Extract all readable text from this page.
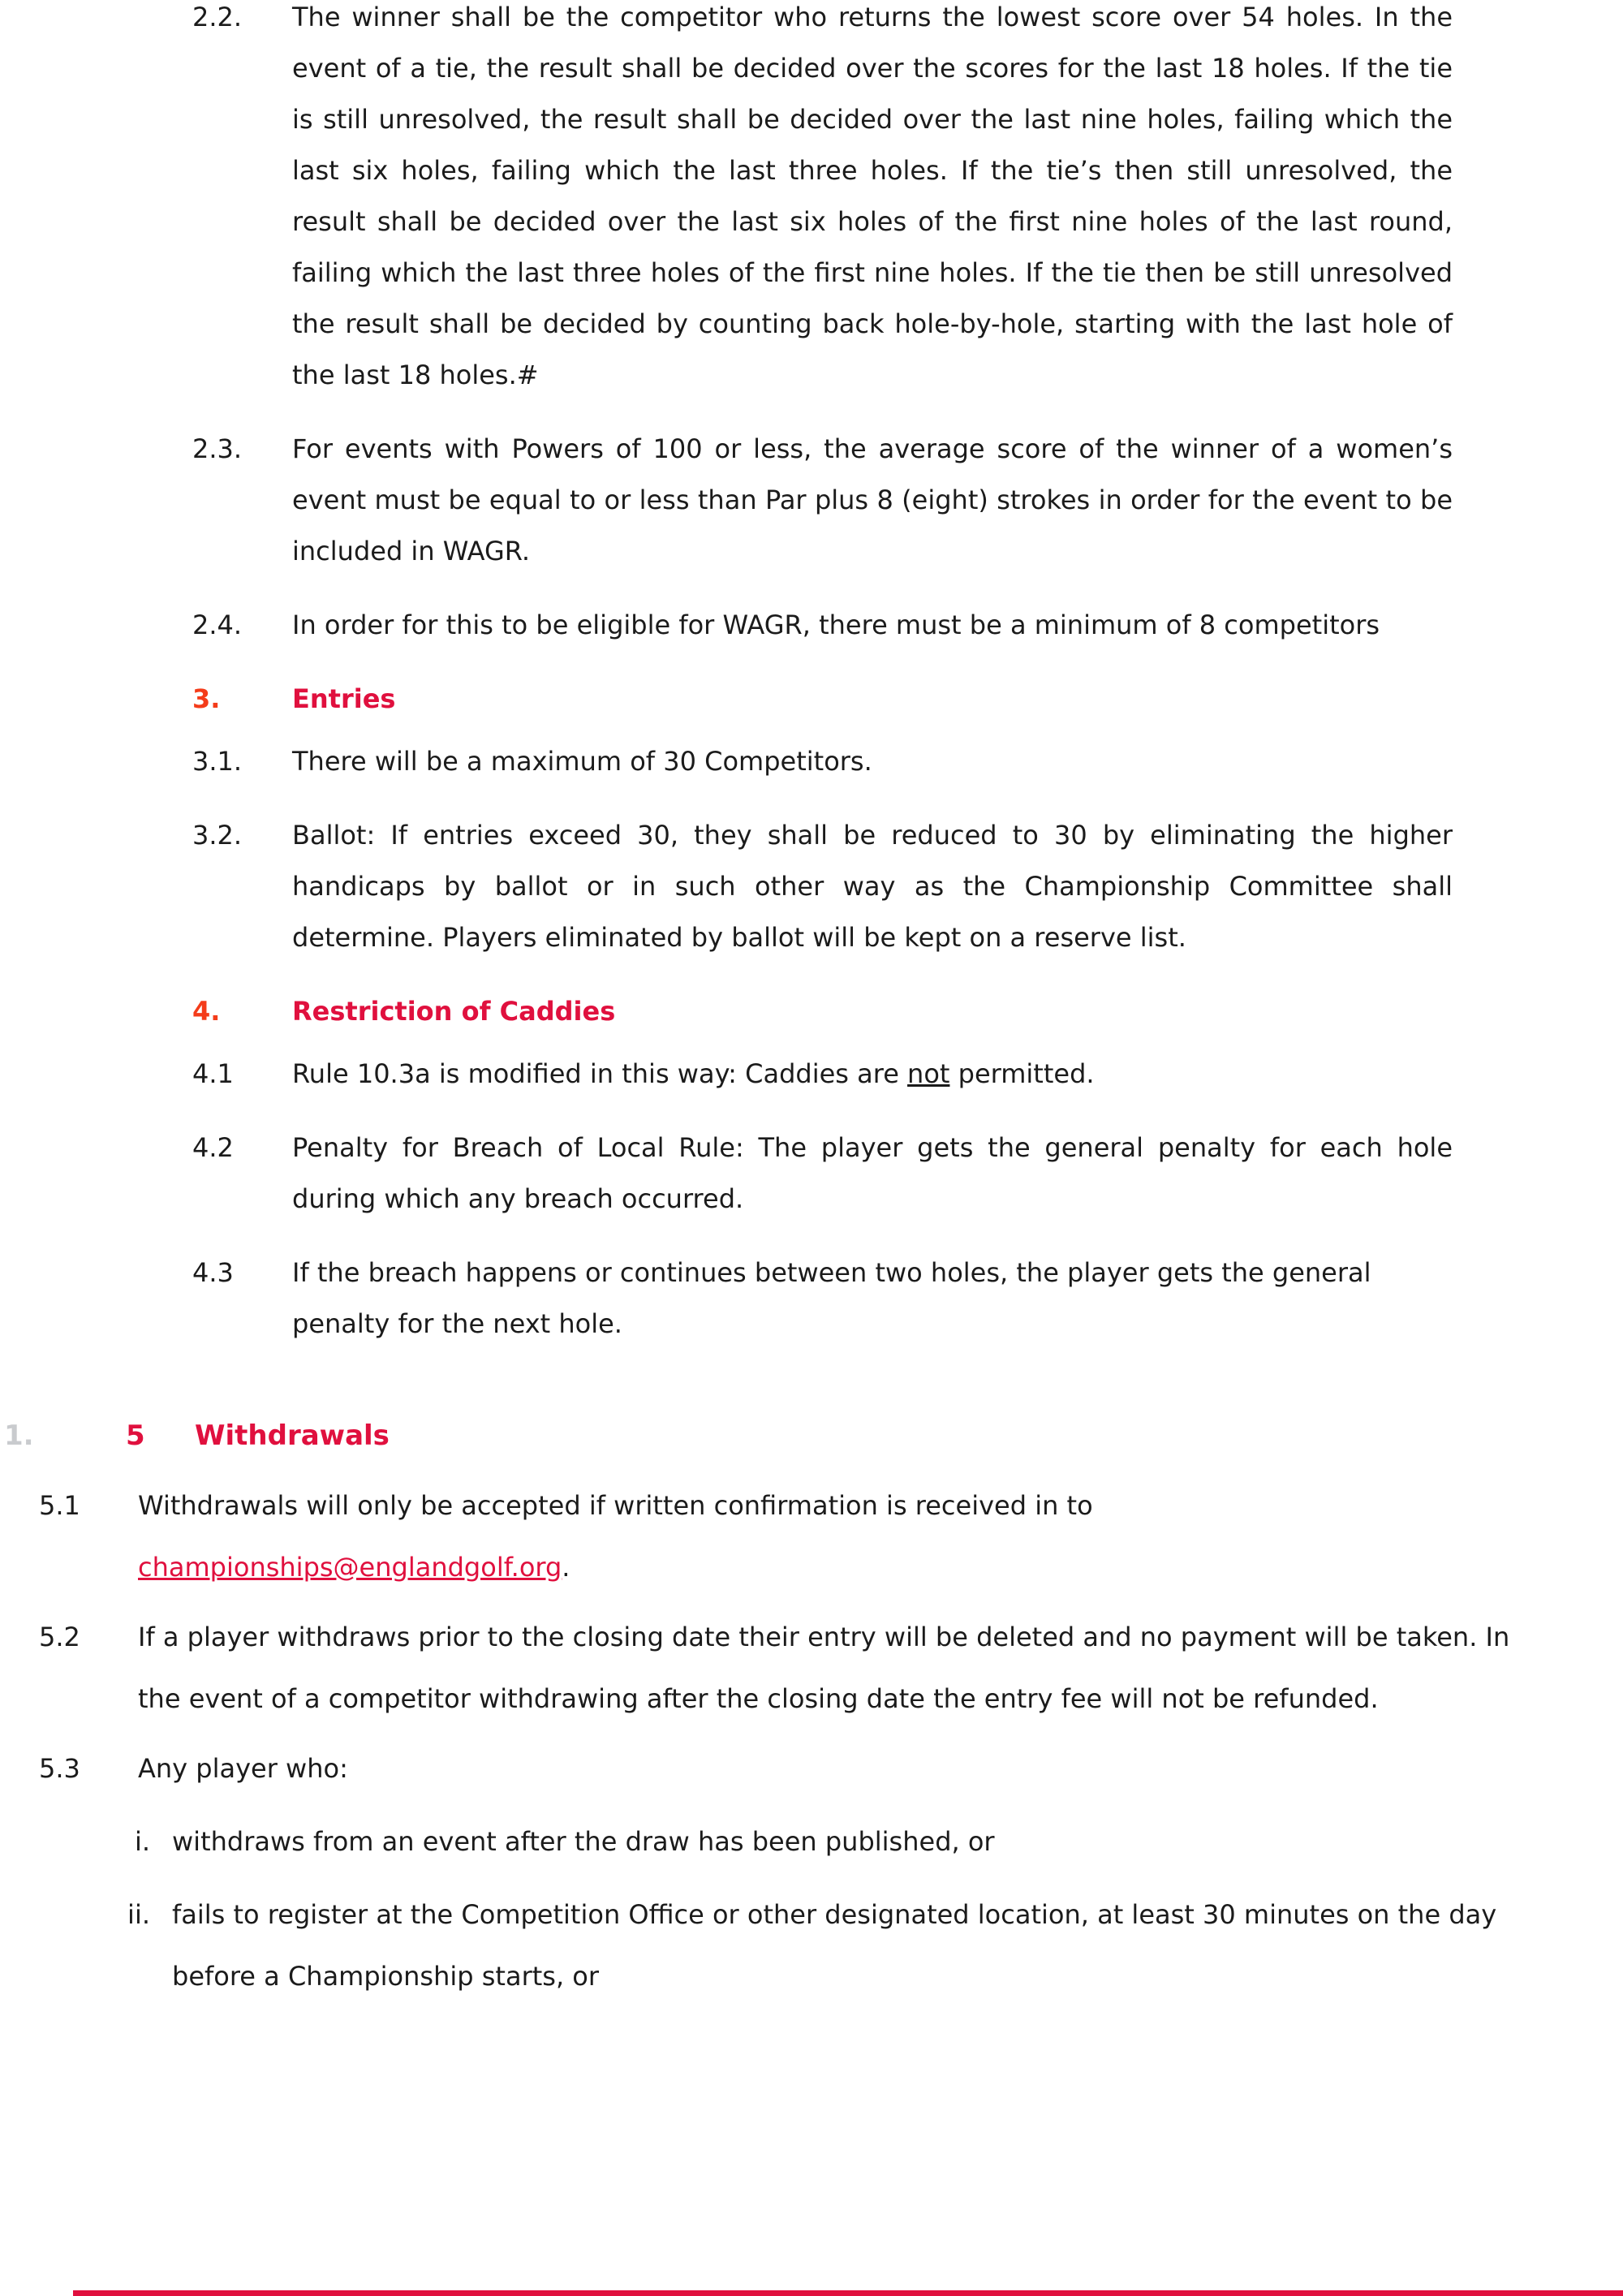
2.2.	The winner shall be the competitor who returns the lowest score over 54 holes. In the event of a tie, the result shall be decided over the scores for the last 18 holes. If the tie is still unresolved, the result shall be decided over the last nine holes, failing which the last six holes, failing which the last three holes. If the tie’s then still unresolved, the result shall be decided over the last six holes of the first nine holes of the last round, failing which the last three holes of the first nine holes. If the tie then be still unresolved the result shall be decided by counting back hole-by-hole, starting with the last hole of the last 18 holes.#
2.3.	For events with Powers of 100 or less, the average score of the winner of a women’s event must be equal to or less than Par plus 8 (eight) strokes in order for the event to be included in WAGR.
2.4.	In order for this to be eligible for WAGR, there must be a minimum of 8 competitors
3.	Entries
3.1.	There will be a maximum of 30 Competitors.
3.2.	Ballot: If entries exceed 30, they shall be reduced to 30 by eliminating the higher handicaps by ballot or in such other way as the Championship Committee shall determine. Players eliminated by ballot will be kept on a reserve list.
4.	Restriction of Caddies
4.1	Rule 10.3a is modified in this way: Caddies are not permitted.
4.2	Penalty for Breach of Local Rule: The player gets the general penalty for each hole during which any breach occurred.
4.3	If the breach happens or continues between two holes, the player gets the general penalty for the next hole.
1.	5	Withdrawals
5.1	Withdrawals will only be accepted if written confirmation is received in to championships@englandgolf.org.
5.2	If a player withdraws prior to the closing date their entry will be deleted and no payment will be taken. In the event of a competitor withdrawing after the closing date the entry fee will not be refunded.
5.3	Any player who:
i. withdraws from an event after the draw has been published, or
ii. fails to register at the Competition Office or other designated location, at least 30 minutes on the day before a Championship starts, or
